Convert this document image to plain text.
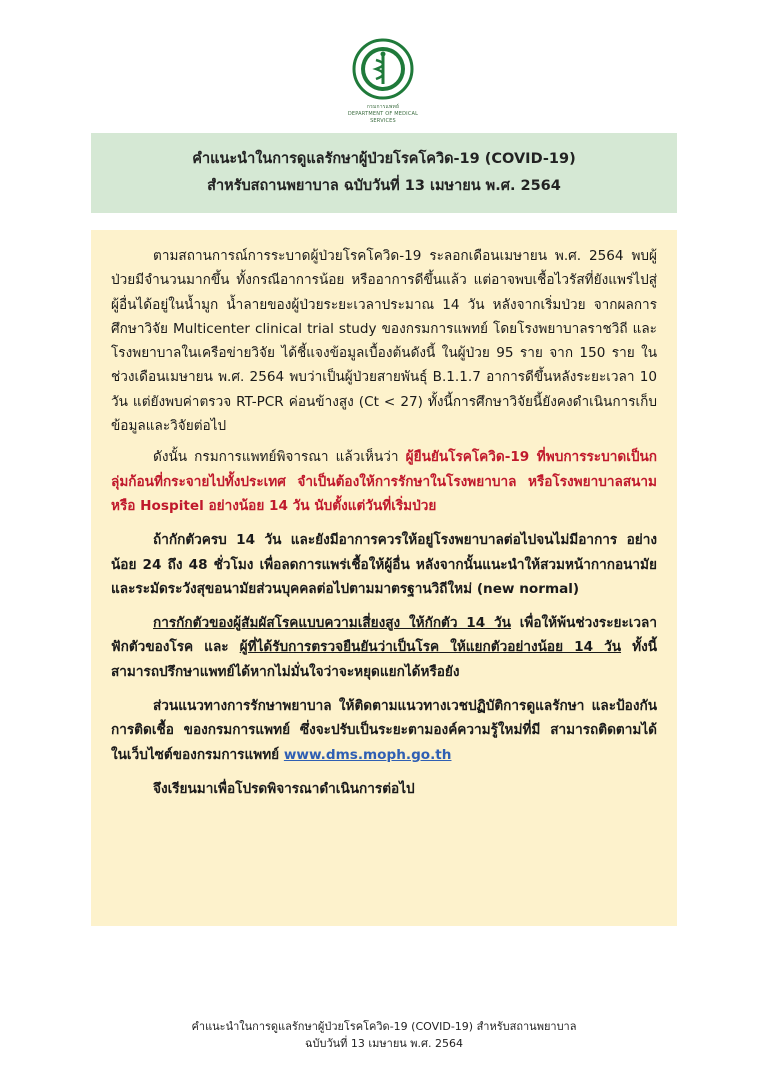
กรมการแพทย์
DEPARTMENT OF MEDICAL SERVICES
คำแนะนำในการดูแลรักษาผู้ป่วยโรคโควิด-19 (COVID-19)
สำหรับสถานพยาบาล ฉบับวันที่ 13 เมษายน พ.ศ. 2564

ตามสถานการณ์การระบาดผู้ป่วยโรคโควิด-19 ระลอกเดือนเมษายน พ.ศ. 2564 พบผู้ป่วยมีจำนวนมากขึ้น ทั้งกรณีอาการน้อย หรืออาการดีขึ้นแล้ว แต่อาจพบเชื้อไวรัสที่ยังแพร่ไปสู่ผู้อื่นได้อยู่ในน้ำมูก น้ำลายของผู้ป่วยระยะเวลาประมาณ 14 วัน หลังจากเริ่มป่วย จากผลการศึกษาวิจัย Multicenter clinical trial study ของกรมการแพทย์ โดยโรงพยาบาลราชวิถี และโรงพยาบาลในเครือข่ายวิจัย ได้ชี้แจงข้อมูลเบื้องต้นดังนี้ ในผู้ป่วย 95 ราย จาก 150 ราย ในช่วงเดือนเมษายน พ.ศ. 2564 พบว่าเป็นผู้ป่วยสายพันธุ์ B.1.1.7 อาการดีขึ้นหลังระยะเวลา 10 วัน แต่ยังพบค่าตรวจ RT-PCR ค่อนข้างสูง (Ct < 27) ทั้งนี้การศึกษาวิจัยนี้ยังคงดำเนินการเก็บข้อมูลและวิจัยต่อไป

ดังนั้น กรมการแพทย์พิจารณา แล้วเห็นว่า ผู้ยืนยันโรคโควิด-19 ที่พบการระบาดเป็นกลุ่มก้อนที่กระจายไปทั้งประเทศ จำเป็นต้องให้การรักษาในโรงพยาบาล หรือโรงพยาบาลสนาม หรือ Hospitel อย่างน้อย 14 วัน นับตั้งแต่วันที่เริ่มป่วย

ถ้ากักตัวครบ 14 วัน และยังมีอาการควรให้อยู่โรงพยาบาลต่อไปจนไม่มีอาการ อย่างน้อย 24 ถึง 48 ชั่วโมง เพื่อลดการแพร่เชื้อให้ผู้อื่น หลังจากนั้นแนะนำให้สวมหน้ากากอนามัยและระมัดระวังสุขอนามัยส่วนบุคคลต่อไปตามมาตรฐานวิถีใหม่ (new normal)

การกักตัวของผู้สัมผัสโรคแบบความเสี่ยงสูง ให้กักตัว 14 วัน เพื่อให้พ้นช่วงระยะเวลาฟักตัวของโรค และ ผู้ที่ได้รับการตรวจยืนยันว่าเป็นโรค ให้แยกตัวอย่างน้อย 14 วัน ทั้งนี้สามารถปรึกษาแพทย์ได้หากไม่มั่นใจว่าจะหยุดแยกได้หรือยัง

ส่วนแนวทางการรักษาพยาบาล ให้ติดตามแนวทางเวชปฏิบัติการดูแลรักษา และป้องกันการติดเชื้อ ของกรมการแพทย์ ซึ่งจะปรับเป็นระยะตามองค์ความรู้ใหม่ที่มี สามารถติดตามได้ในเว็บไซต์ของกรมการแพทย์ www.dms.moph.go.th

จึงเรียนมาเพื่อโปรดพิจารณาดำเนินการต่อไป

คำแนะนำในการดูแลรักษาผู้ป่วยโรคโควิด-19 (COVID-19) สำหรับสถานพยาบาล
ฉบับวันที่ 13 เมษายน พ.ศ. 2564
